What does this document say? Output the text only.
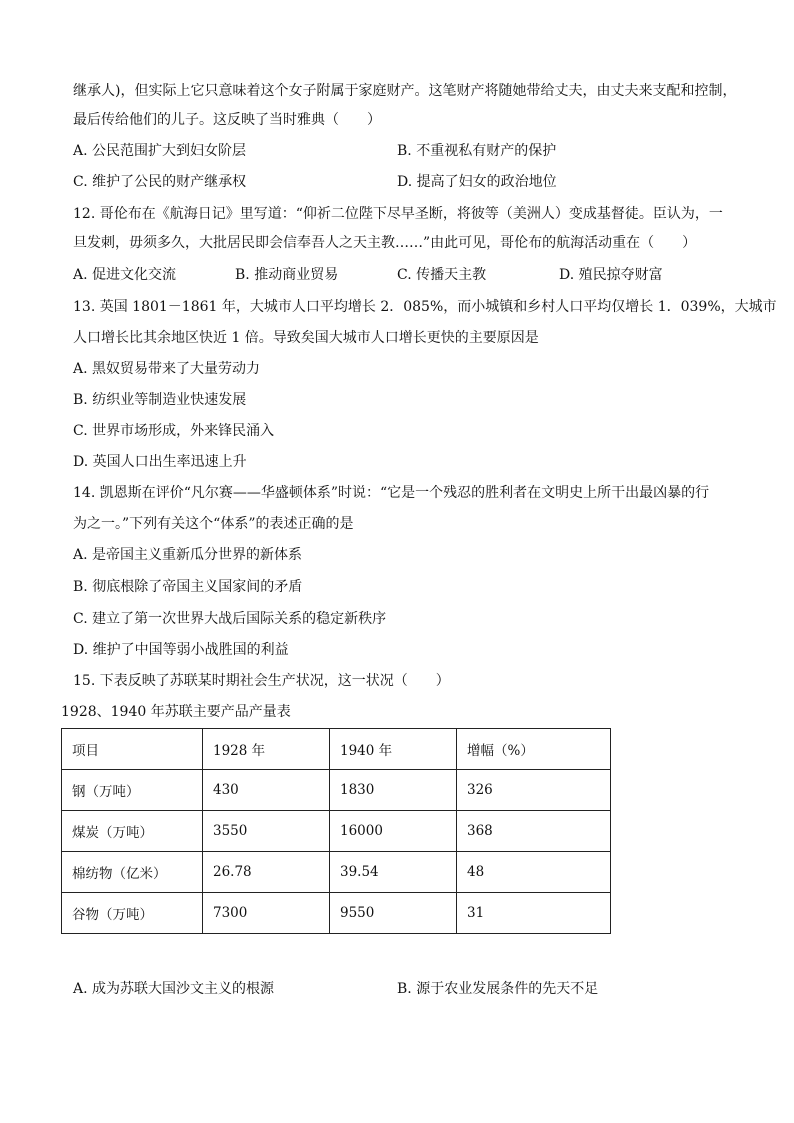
继承人)，但实际上它只意味着这个女子附属于家庭财产。这笔财产将随她带给丈夫，由丈夫来支配和控制，
最后传给他们的儿子。这反映了当时雅典（　　）
A. 公民范围扩大到妇女阶层	B. 不重视私有财产的保护
C. 维护了公民的财产继承权	D. 提高了妇女的政治地位
12. 哥伦布在《航海日记》里写道：“仰祈二位陛下尽早圣断，将彼等（美洲人）变成基督徒。臣认为，一
旦发刺，毋须多久，大批居民即会信奉吾人之天主教……”由此可见，哥伦布的航海活动重在（　　）
A. 促进文化交流	B. 推动商业贸易	C. 传播天主教	D. 殖民掠夺财富
13. 英国 1801－1861 年，大城市人口平均增长 2．085%，而小城镇和乡村人口平均仅增长 1．039%，大城市
人口增长比其余地区快近 1 倍。导致矣国大城市人口增长更快的主要原因是
A. 黑奴贸易带来了大量劳动力
B. 纺织业等制造业快速发展
C. 世界市场形成，外来锋民涌入
D. 英国人口出生率迅速上升
14. 凯恩斯在评价“凡尔赛——华盛顿体系”时说：“它是一个残忍的胜利者在文明史上所干出最凶暴的行
为之一。”下列有关这个“体系”的表述正确的是
A. 是帝国主义重新瓜分世界的新体系
B. 彻底根除了帝国主义国家间的矛盾
C. 建立了第一次世界大战后国际关系的稳定新秩序
D. 维护了中国等弱小战胜国的利益
15. 下表反映了苏联某时期社会生产状况，这一状况（　　）
1928、1940 年苏联主要产品产量表
项目	1928 年	1940 年	增幅（%）
钢（万吨）	430	1830	326
煤炭（万吨）	3550	16000	368
棉纺物（亿米）	26.78	39.54	48
谷物（万吨）	7300	9550	31
A. 成为苏联大国沙文主义的根源	B. 源于农业发展条件的先天不足
